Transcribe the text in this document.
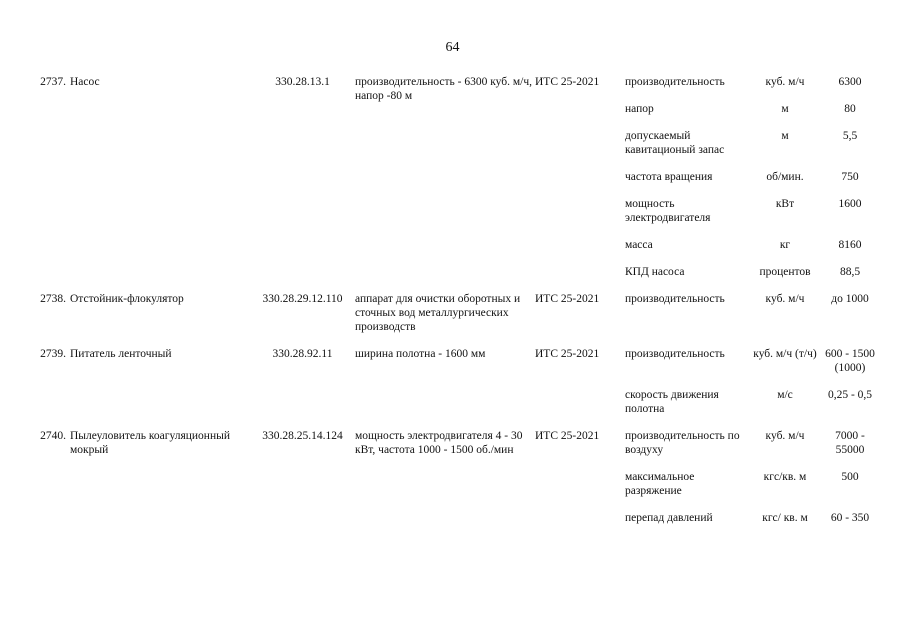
64
2737.	Насос	330.28.13.1	производительность - 6300 куб. м/ч, напор -80 м	ИТС 25-2021	производительность	куб. м/ч	6300
					напор	м	80
					допускаемый кавитационый запас	м	5,5
					частота вращения	об/мин.	750
					мощность электродвигателя	кВт	1600
					масса	кг	8160
					КПД насоса	процентов	88,5
2738.	Отстойник-флокулятор	330.28.29.12.110	аппарат для очистки оборотных и сточных вод металлургических производств	ИТС 25-2021	производительность	куб. м/ч	до 1000
2739.	Питатель ленточный	330.28.92.11	ширина полотна - 1600 мм	ИТС 25-2021	производительность	куб. м/ч (т/ч)	600 - 1500 (1000)
					скорость движения полотна	м/с	0,25 - 0,5
2740.	Пылеуловитель коагуляционный мокрый	330.28.25.14.124	мощность электродвигателя 4 - 30 кВт, частота 1000 - 1500 об./мин	ИТС 25-2021	производительность по воздуху	куб. м/ч	7000 - 55000
					максимальное разряжение	кгс/кв. м	500
					перепад давлений	кгс/ кв. м	60 - 350
